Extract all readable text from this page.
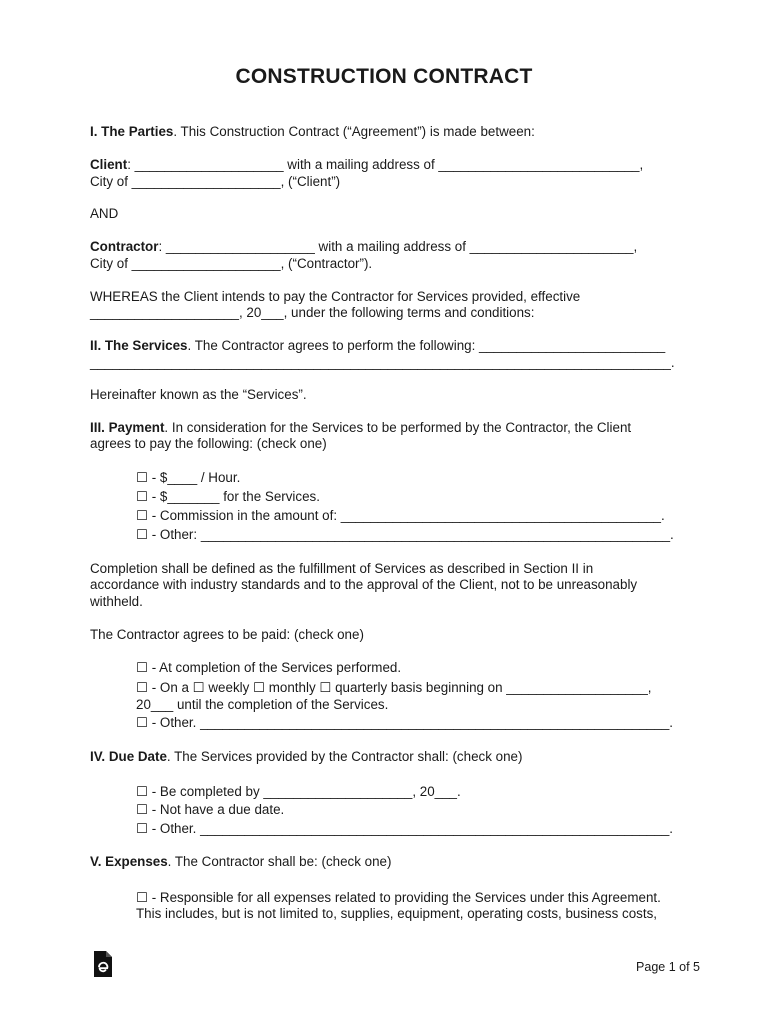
CONSTRUCTION CONTRACT
I. The Parties. This Construction Contract (“Agreement”) is made between:
Client: ____________________ with a mailing address of ___________________________,
City of ____________________, (“Client”)
AND
Contractor: ____________________ with a mailing address of ______________________,
City of ____________________, (“Contractor”).
WHEREAS the Client intends to pay the Contractor for Services provided, effective
____________________, 20___, under the following terms and conditions:
II. The Services. The Contractor agrees to perform the following: _________________________
______________________________________________________________________________.
Hereinafter known as the “Services”.
III. Payment. In consideration for the Services to be performed by the Contractor, the Client
agrees to pay the following: (check one)
☐ - $____ / Hour.
☐ - $_______ for the Services.
☐ - Commission in the amount of: ___________________________________________.
☐ - Other: _______________________________________________________________.
Completion shall be defined as the fulfillment of Services as described in Section II in
accordance with industry standards and to the approval of the Client, not to be unreasonably
withheld.
The Contractor agrees to be paid: (check one)
☐ - At completion of the Services performed.
☐ - On a ☐ weekly ☐ monthly ☐ quarterly basis beginning on ___________________,
20___ until the completion of the Services.
☐ - Other. _______________________________________________________________.
IV. Due Date. The Services provided by the Contractor shall: (check one)
☐ - Be completed by ____________________, 20___.
☐ - Not have a due date.
☐ - Other. _______________________________________________________________.
V. Expenses. The Contractor shall be: (check one)
☐ - Responsible for all expenses related to providing the Services under this Agreement.
This includes, but is not limited to, supplies, equipment, operating costs, business costs,
Page 1 of 5
